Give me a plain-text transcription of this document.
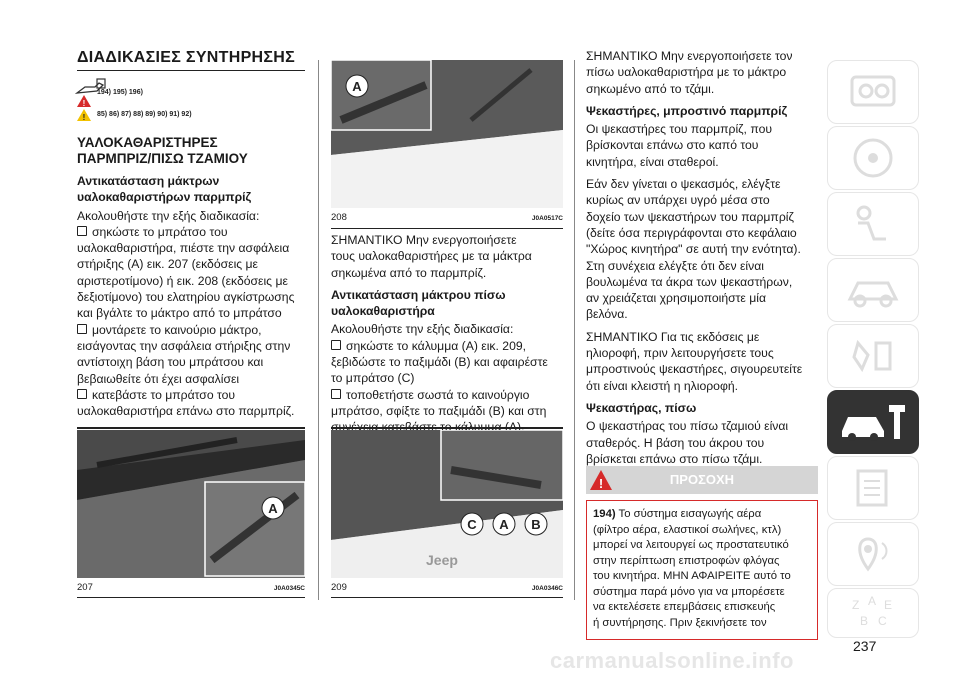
ΔΙΑΔΙΚΑΣΙΕΣ ΣΥΝΤΗΡΗΣΗΣ
!
194) 195) 196)
! 85) 86) 87) 88) 89) 90) 91) 92)
ΥΑΛΟΚΑΘΑΡΙΣΤΗΡΕΣ
ΠΑΡΜΠΡΙΖ/ΠΙΣΩ ΤΖΑΜΙΟΥ
Αντικατάσταση μάκτρων
υαλοκαθαριστήρων παρμπρίζ
Ακολουθήστε την εξής διαδικασία:
σηκώστε το μπράτσο του
υαλοκαθαριστήρα, πιέστε την ασφάλεια
στήριξης (A) εικ. 207 (εκδόσεις με
αριστεροτίμονο) ή εικ. 208 (εκδόσεις με
δεξιοτίμονο) του ελατηρίου αγκίστρωσης
και βγάλτε το μάκτρο από το μπράτσο
μοντάρετε το καινούριο μάκτρο,
εισάγοντας την ασφάλεια στήριξης στην
αντίστοιχη βάση του μπράτσου και
βεβαιωθείτε ότι έχει ασφαλίσει
κατεβάστε το μπράτσο του
υαλοκαθαριστήρα επάνω στο παρμπρίζ.
A
207	J0A0345C
A
208	J0A0517C
ΣΗΜΑΝΤΙΚΟ Μην ενεργοποιήσετε
τους υαλοκαθαριστήρες με τα μάκτρα
σηκωμένα από το παρμπρίζ.
Αντικατάσταση μάκτρου πίσω
υαλοκαθαριστήρα
Ακολουθήστε την εξής διαδικασία:
σηκώστε το κάλυμμα (A) εικ. 209,
ξεβιδώστε το παξιμάδι (B) και αφαιρέστε
το μπράτσο (C)
τοποθετήστε σωστά το καινούργιο
μπράτσο, σφίξτε το παξιμάδι (B) και στη
Jeep
C A B
209	J0A0346C
ΣΗΜΑΝΤΙΚΟ Μην ενεργοποιήσετε τον
πίσω υαλοκαθαριστήρα με το μάκτρο
σηκωμένο από το τζάμι.
Ψεκαστήρες, μπροστινό παρμπρίζ
Οι ψεκαστήρες του παρμπρίζ, που
βρίσκονται επάνω στο καπό του
κινητήρα, είναι σταθεροί.
Εάν δεν γίνεται ο ψεκασμός, ελέγξτε
κυρίως αν υπάρχει υγρό μέσα στο
δοχείο των ψεκαστήρων του παρμπρίζ
(δείτε όσα περιγράφονται στο κεφάλαιο
"Χώρος κινητήρα" σε αυτή την ενότητα).
Στη συνέχεια ελέγξτε ότι δεν είναι
βουλωμένα τα άκρα των ψεκαστήρων,
αν χρειάζεται χρησιμοποιήστε μία
βελόνα.
ΣΗΜΑΝΤΙΚΟ Για τις εκδόσεις με
ηλιοροφή, πριν λειτουργήσετε τους
μπροστινούς ψεκαστήρες, σιγουρευτείτε
ότι είναι κλειστή η ηλιοροφή.
Ψεκαστήρας, πίσω
Ο ψεκαστήρας του πίσω τζαμιού είναι
σταθερός. Η βάση του άκρου του
βρίσκεται επάνω στο πίσω τζάμι.
!	ΠΡΟΣΟΧΗ
194) Το σύστημα εισαγωγής αέρα
(φίλτρο αέρα, ελαστικοί σωλήνες, κτλ)
μπορεί να λειτουργεί ως προστατευτικό
στην περίπτωση επιστροφών φλόγας
του κινητήρα. ΜΗΝ ΑΦΑΙΡΕΙΤΕ αυτό το
σύστημα παρά μόνο για να μπορέσετε
να εκτελέσετε επεμβάσεις επισκευής
ή συντήρησης. Πριν ξεκινήσετε τον
Z A E
B C
237
carmanualsonline.info
